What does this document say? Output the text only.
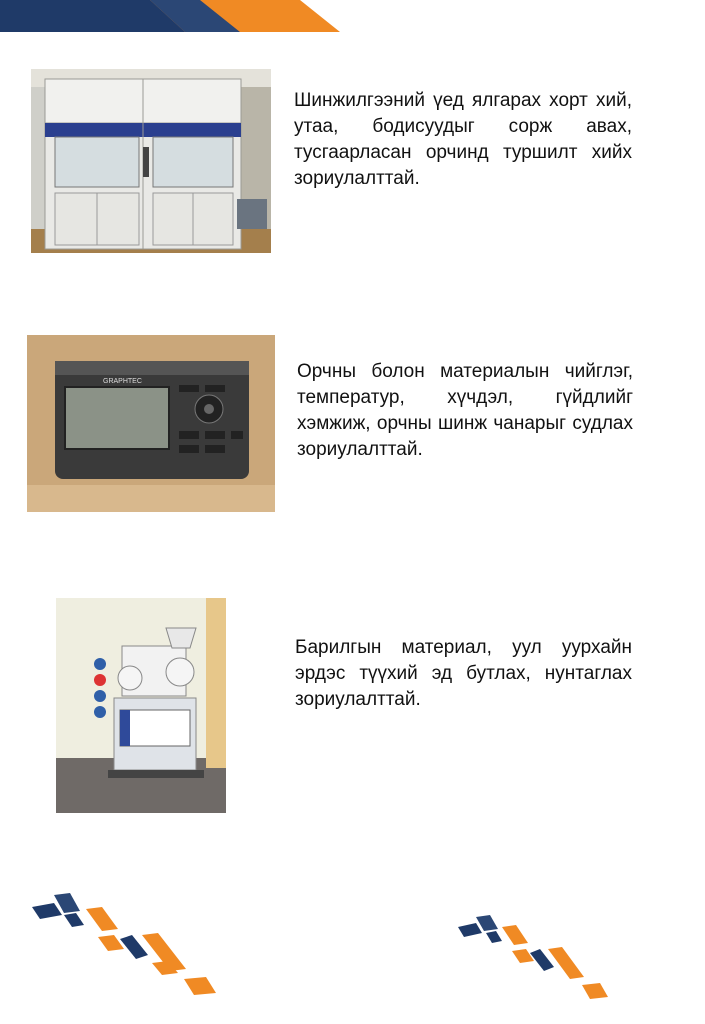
Шинжилгээний үед ялгарах хорт хий, утаа, бодисуудыг сорж авах, тусгаарласан орчинд туршилт хийх зориулалттай.

GRAPHTEC	Орчны болон материалын чийглэг, температур, хүчдэл, гүйдлийг хэмжиж, орчны шинж чанарыг судлах зориулалттай.

Барилгын материал, уул уурхайн эрдэс түүхий эд бутлах, нунтаглах зориулалттай.
